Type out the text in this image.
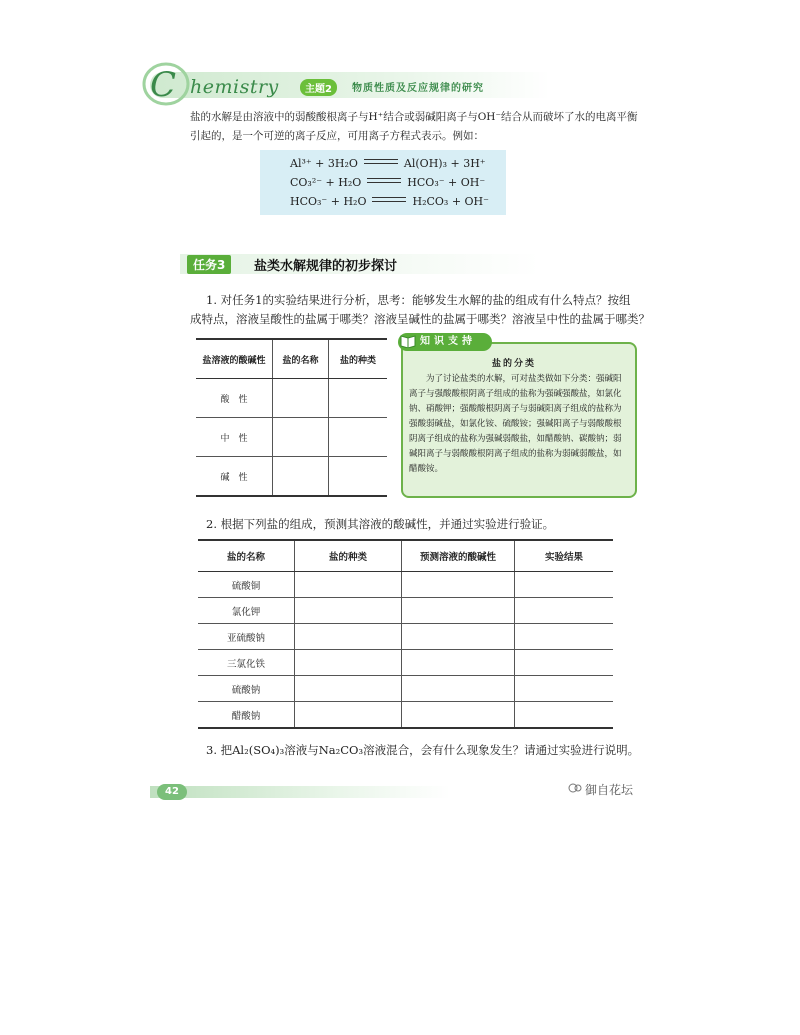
C hemistry	主题2	物质性质及反应规律的研究
盐的水解是由溶液中的弱酸酸根离子与H⁺结合或弱碱阳离子与OH⁻结合从而破坏了水的电离平衡引起的，是一个可逆的离子反应，可用离子方程式表示。例如：
Al³⁺ + 3H₂O	Al(OH)₃ + 3H⁺
CO₃²⁻ + H₂O	HCO₃⁻ + OH⁻
HCO₃⁻ + H₂O	H₂CO₃ + OH⁻
任务3	盐类水解规律的初步探讨
1. 对任务1的实验结果进行分析，思考：能够发生水解的盐的组成有什么特点？按组
成特点，溶液呈酸性的盐属于哪类？溶液呈碱性的盐属于哪类？溶液呈中性的盐属于哪类？
盐溶液的酸碱性	盐的名称	盐的种类
酸　性		
中　性		
碱　性		
知识支持
盐的分类
为了讨论盐类的水解，可对盐类做如下分类：强碱阳离子与强酸酸根阴离子组成的盐称为强碱强酸盐，如氯化钠、硝酸钾；强酸酸根阴离子与弱碱阳离子组成的盐称为强酸弱碱盐，如氯化铵、硫酸铵；强碱阳离子与弱酸酸根阴离子组成的盐称为强碱弱酸盐，如醋酸钠、碳酸钠；弱碱阳离子与弱酸酸根阴离子组成的盐称为弱碱弱酸盐，如醋酸铵。
2. 根据下列盐的组成，预测其溶液的酸碱性，并通过实验进行验证。
盐的名称	盐的种类	预测溶液的酸碱性	实验结果
硫酸铜			
氯化钾			
亚硫酸钠			
三氯化铁			
硫酸钠			
醋酸钠			
3. 把Al₂(SO₄)₃溶液与Na₂CO₃溶液混合，会有什么现象发生？请通过实验进行说明。
42	御自花坛
